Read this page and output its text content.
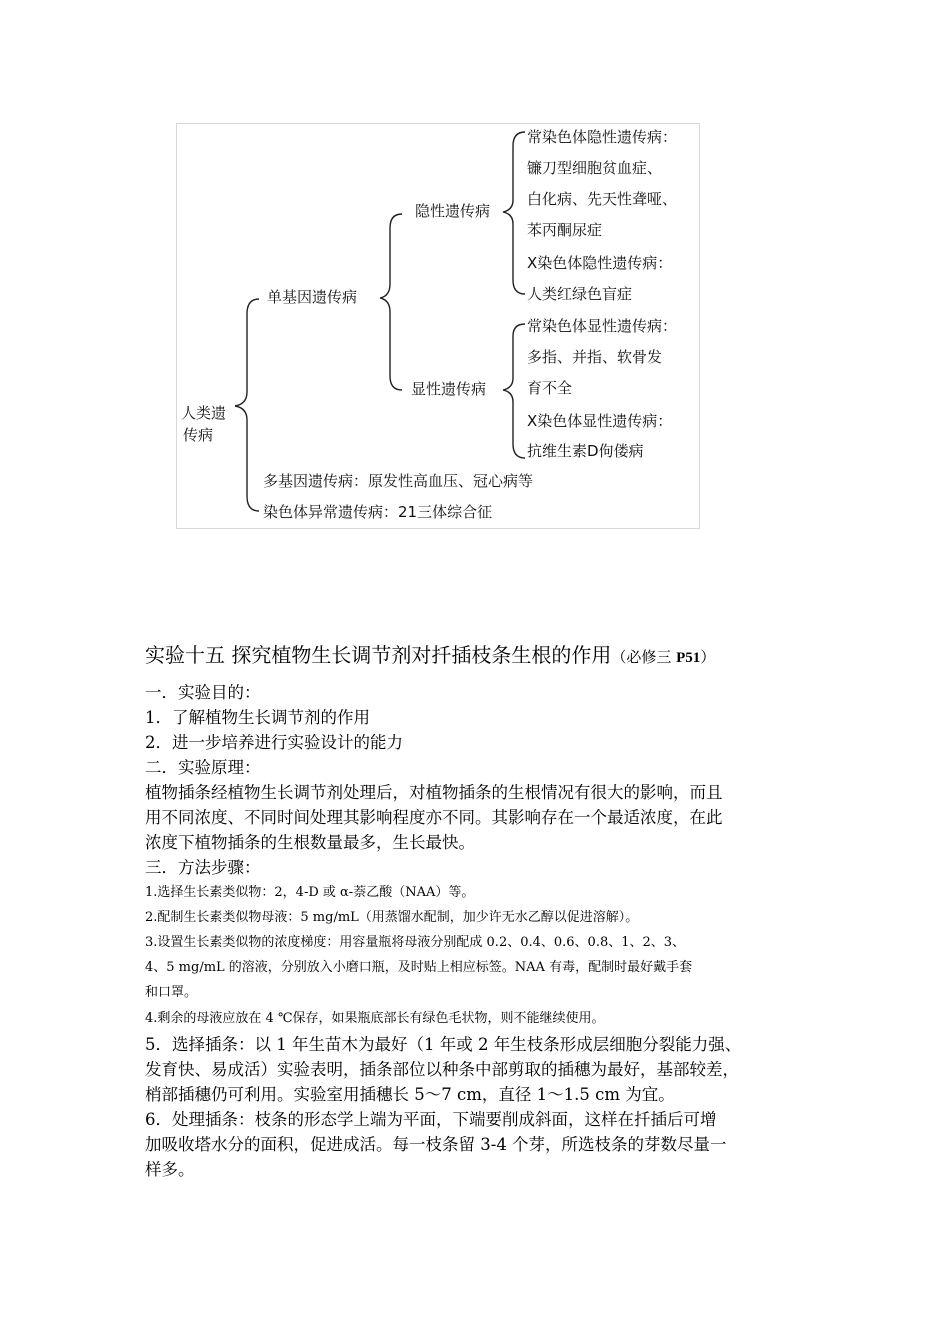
人类遗
传病
单基因遗传病
隐性遗传病
显性遗传病
常染色体隐性遗传病：
镰刀型细胞贫血症、
白化病、先天性聋哑、
苯丙酮尿症
X染色体隐性遗传病：
人类红绿色盲症
常染色体显性遗传病：
多指、并指、软骨发
育不全
X染色体显性遗传病：
抗维生素D佝偻病
多基因遗传病：原发性高血压、冠心病等
染色体异常遗传病：21三体综合征
实验十五 探究植物生长调节剂对扦插枝条生根的作用（必修三 P51）
一．实验目的：
1．了解植物生长调节剂的作用
2．进一步培养进行实验设计的能力
二．实验原理：
植物插条经植物生长调节剂处理后，对植物插条的生根情况有很大的影响，而且
用不同浓度、不同时间处理其影响程度亦不同。其影响存在一个最适浓度，在此
浓度下植物插条的生根数量最多，生长最快。
三．方法步骤：
1.选择生长素类似物：2，4-D 或 α-萘乙酸（NAA）等。
2.配制生长素类似物母液：5 mg/mL（用蒸馏水配制，加少许无水乙醇以促进溶解）。
3.设置生长素类似物的浓度梯度：用容量瓶将母液分别配成 0.2、0.4、0.6、0.8、1、2、3、
4、5 mg/mL 的溶液，分别放入小磨口瓶，及时贴上相应标签。NAA 有毒，配制时最好戴手套
和口罩。
4.剩余的母液应放在 4 ℃保存，如果瓶底部长有绿色毛状物，则不能继续使用。
5．选择插条：以 1 年生苗木为最好（1 年或 2 年生枝条形成层细胞分裂能力强、
发育快、易成活）实验表明，插条部位以种条中部剪取的插穗为最好，基部较差，
梢部插穗仍可利用。实验室用插穗长 5～7 cm，直径 1～1.5 cm 为宜。
6．处理插条：枝条的形态学上端为平面，下端要削成斜面，这样在扦插后可增
加吸收塔水分的面积，促进成活。每一枝条留 3-4 个芽，所选枝条的芽数尽量一
样多。
